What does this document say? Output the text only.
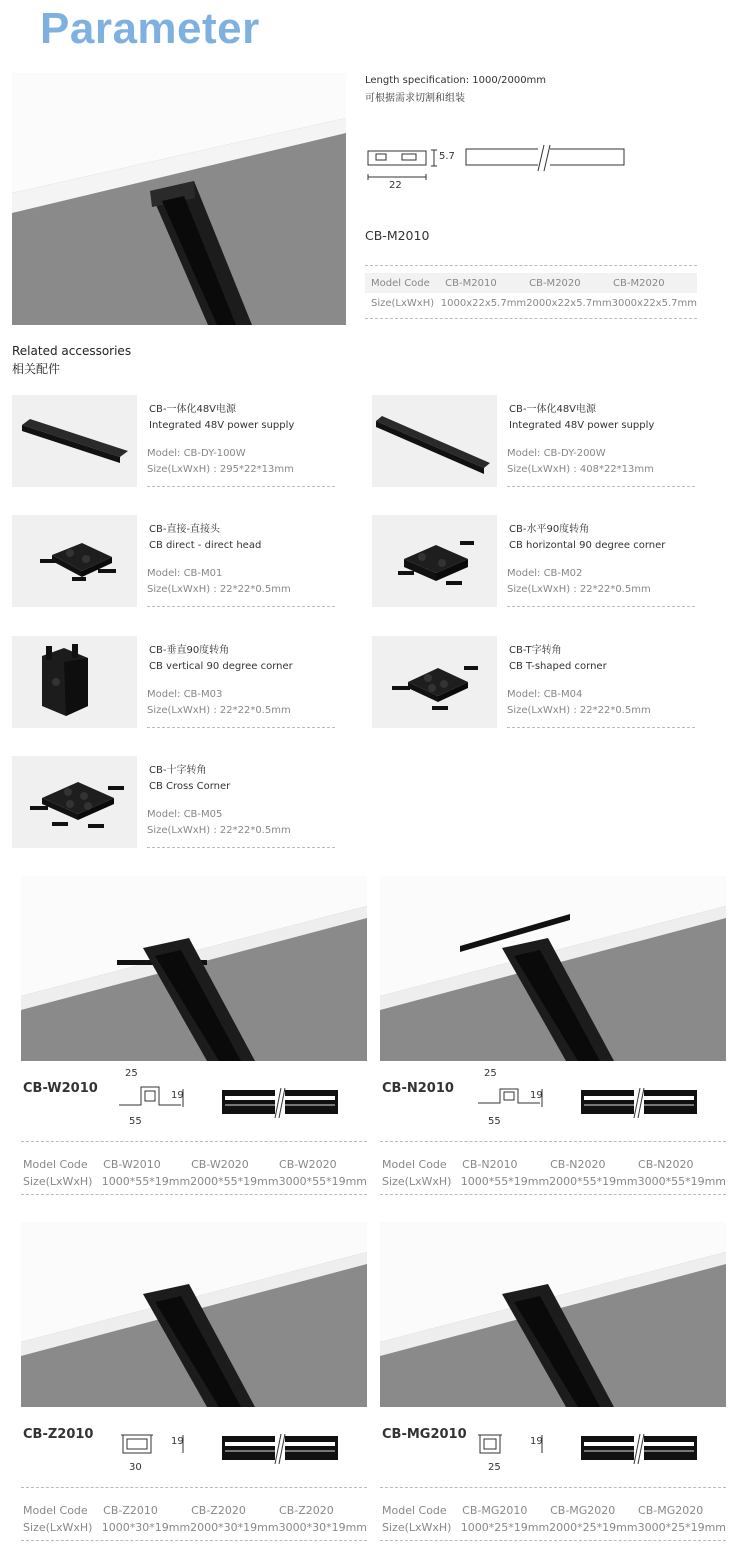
Parameter
Length specification: 1000/2000mm
可根据需求切割和组装
5.7
22
CB-M2010
Model Code	CB-M2010	CB-M2020	CB-M2020
Size(LxWxH) 1000x22x5.7mm 2000x22x5.7mm 3000x22x5.7mm
Related accessories
相关配件
CB-一体化48V电源
Integrated 48V power supply
Model: CB-DY-100W
Size(LxWxH) : 295*22*13mm
CB-一体化48V电源
Integrated 48V power supply
Model: CB-DY-200W
Size(LxWxH) : 408*22*13mm
CB-直接-直接头
CB direct - direct head
Model: CB-M01
Size(LxWxH) : 22*22*0.5mm
CB-水平90度转角
CB horizontal 90 degree corner
Model: CB-M02
Size(LxWxH) : 22*22*0.5mm
CB-垂直90度转角
CB vertical 90 degree corner
Model: CB-M03
Size(LxWxH) : 22*22*0.5mm
CB-T字转角
CB T-shaped corner
Model: CB-M04
Size(LxWxH) : 22*22*0.5mm
CB-十字转角
CB Cross Corner
Model: CB-M05
Size(LxWxH) : 22*22*0.5mm
CB-W2010
25
19
55
Model Code	CB-W2010	CB-W2020	CB-W2020
Size(LxWxH) 1000*55*19mm 2000*55*19mm 3000*55*19mm
CB-N2010
25
19
55
Model Code	CB-N2010	CB-N2020	CB-N2020
Size(LxWxH) 1000*55*19mm 2000*55*19mm 3000*55*19mm
CB-Z2010	19
30
Model Code	CB-Z2010	CB-Z2020	CB-Z2020
Size(LxWxH) 1000*30*19mm 2000*30*19mm 3000*30*19mm
CB-MG2010	19
25
Model Code	CB-MG2010	CB-MG2020	CB-MG2020
Size(LxWxH) 1000*25*19mm 2000*25*19mm 3000*25*19mm
